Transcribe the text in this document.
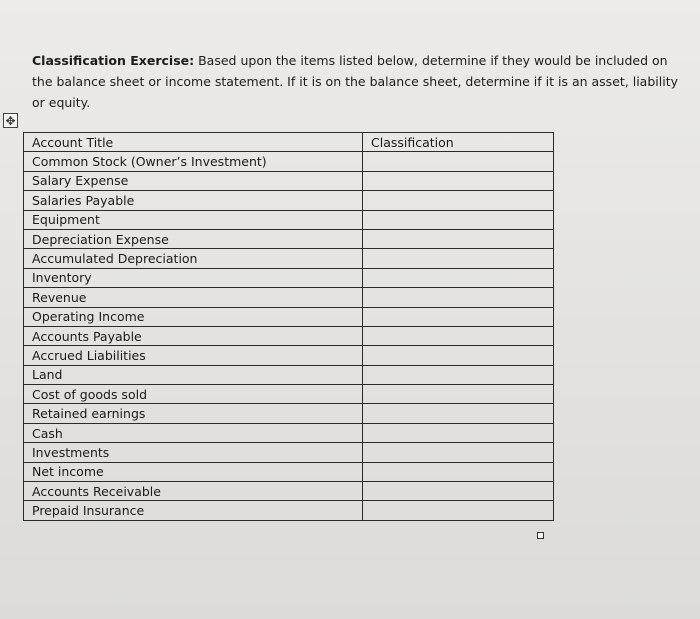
Classification Exercise: Based upon the items listed below, determine if they would be included on the balance sheet or income statement. If it is on the balance sheet, determine if it is an asset, liability or equity.
✥
Account Title	Classification
Common Stock (Owner’s Investment)	
Salary Expense	
Salaries Payable	
Equipment	
Depreciation Expense	
Accumulated Depreciation	
Inventory	
Revenue	
Operating Income	
Accounts Payable	
Accrued Liabilities	
Land	
Cost of goods sold	
Retained earnings	
Cash	
Investments	
Net income	
Accounts Receivable	
Prepaid Insurance	
